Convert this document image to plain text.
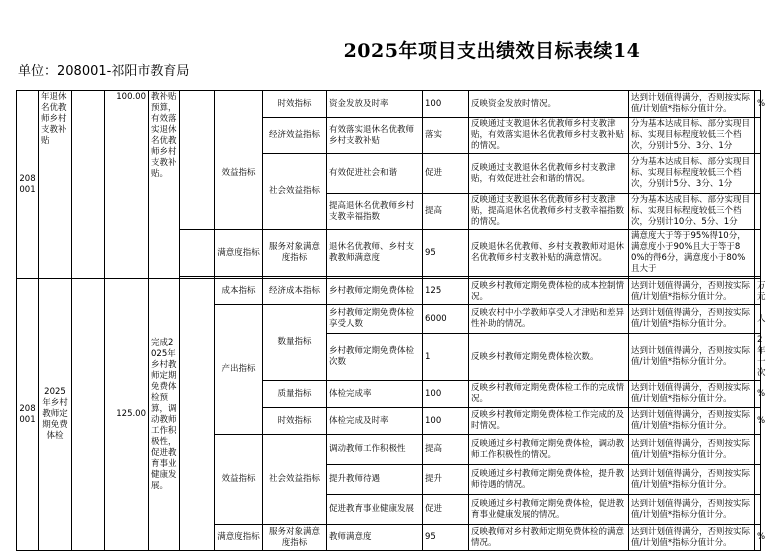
2025年项目支出绩效目标表续14
单位：208001-祁阳市教育局
208001	年退休名优教师乡村支教补贴		100.00	教补贴预算，有效落实退休名优教师乡村支教补贴。			时效指标	资金发放及时率	100	反映资金发放时情况。	达到计划值得满分，否则按实际值/计划值*指标分值计分。	%
						效益指标	经济效益指标	有效落实退休名优教师乡村支教补贴	落实	反映通过支教退休名优教师乡村支教津贴，有效落实退休名优教师乡村支教补贴的情况。	分为基本达成目标、部分实现目标、实现目标程度较低三个档次，分别计5分、3分、1分	
							社会效益指标	有效促进社会和谐	促进	反映通过支教退休名优教师乡村支教津贴，有效促进社会和谐的情况。	分为基本达成目标、部分实现目标、实现目标程度较低三个档次，分别计5分、3分、1分	
								提高退休名优教师乡村支教幸福指数	提高	反映通过支教退休名优教师乡村支教津贴，提高退休名优教师乡村支教幸福指数的情况。	分为基本达成目标、部分实现目标、实现目标程度较低三个档次，分别计10分、5分、1分	
						满意度指标	服务对象满意度指标	退休名优教师、乡村支教教师满意度	95	反映退休名优教师、乡村支教教师对退休名优教师乡村支教补贴的满意情况。	满意度大于等于95%得10分，满意度小于90%且大于等于80%的得6分，满意度小于80%且大于	

208001	2025年乡村教师定期免费体检		125.00	完成2025年乡村教师定期免费体检预算，调动教师工作积极性，促进教育事业健康发展。		成本指标	经济成本指标	乡村教师定期免费体检	125	反映乡村教师定期免费体检的成本控制情况。	达到计划值得满分，否则按实际值/计划值*指标分值计分。	万元
						产出指标	数量指标	乡村教师定期免费体检享受人数	6000	反映农村中小学教师享受人才津贴和差异性补助的情况。	达到计划值得满分，否则按实际值/计划值*指标分值计分。	人
								乡村教师定期免费体检次数	1	反映乡村教师定期免费体检次数。	达到计划值得满分，否则按实际值/计划值*指标分值计分。	2年一次
							质量指标	体检完成率	100	反映乡村教师定期免费体检工作的完成情况。	达到计划值得满分，否则按实际值/计划值*指标分值计分。	%
							时效指标	体检完成及时率	100	反映乡村教师定期免费体检工作完成的及时情况。	达到计划值得满分，否则按实际值/计划值*指标分值计分。	%
						效益指标	社会效益指标	调动教师工作积极性	提高	反映通过乡村教师定期免费体检，调动教师工作积极性的情况。	达到计划值得满分，否则按实际值/计划值*指标分值计分。	
								提升教师待遇	提升	反映通过乡村教师定期免费体检，提升教师待遇的情况。	达到计划值得满分，否则按实际值/计划值*指标分值计分。	
								促进教育事业健康发展	促进	反映通过乡村教师定期免费体检，促进教育事业健康发展的情况。	达到计划值得满分，否则按实际值/计划值*指标分值计分。	
						满意度指标	服务对象满意度指标	教师满意度	95	反映教师对乡村教师定期免费体检的满意情况。	达到计划值得满分，否则按实际值/计划值*指标分值计分。	%
